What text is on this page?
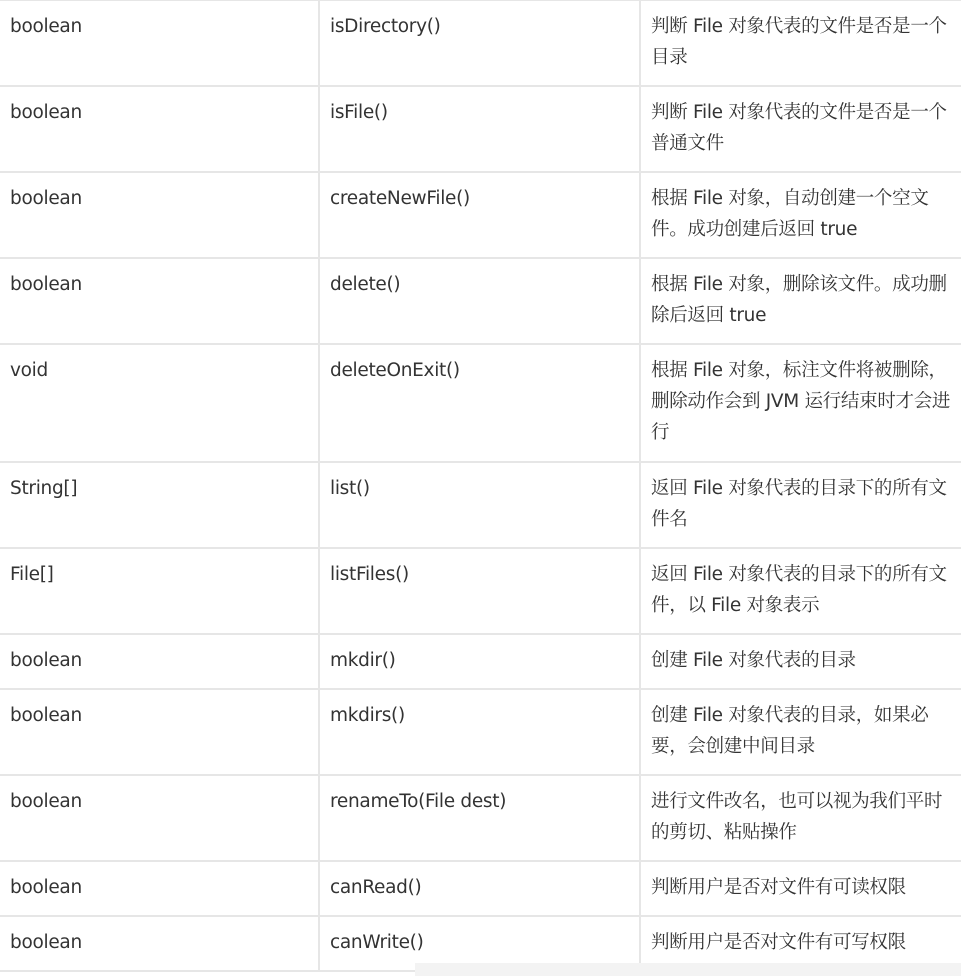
boolean	isDirectory()	判断 File 对象代表的文件是否是一个目录
boolean	isFile()	判断 File 对象代表的文件是否是一个普通文件
boolean	createNewFile()	根据 File 对象，自动创建一个空文件。成功创建后返回 true
boolean	delete()	根据 File 对象，删除该文件。成功删除后返回 true
void	deleteOnExit()	根据 File 对象，标注文件将被删除，删除动作会到 JVM 运行结束时才会进行
String[]	list()	返回 File 对象代表的目录下的所有文件名
File[]	listFiles()	返回 File 对象代表的目录下的所有文件，以 File 对象表示
boolean	mkdir()	创建 File 对象代表的目录
boolean	mkdirs()	创建 File 对象代表的目录，如果必要，会创建中间目录
boolean	renameTo(File dest)	进行文件改名，也可以视为我们平时的剪切、粘贴操作
boolean	canRead()	判断用户是否对文件有可读权限
boolean	canWrite()	判断用户是否对文件有可写权限
